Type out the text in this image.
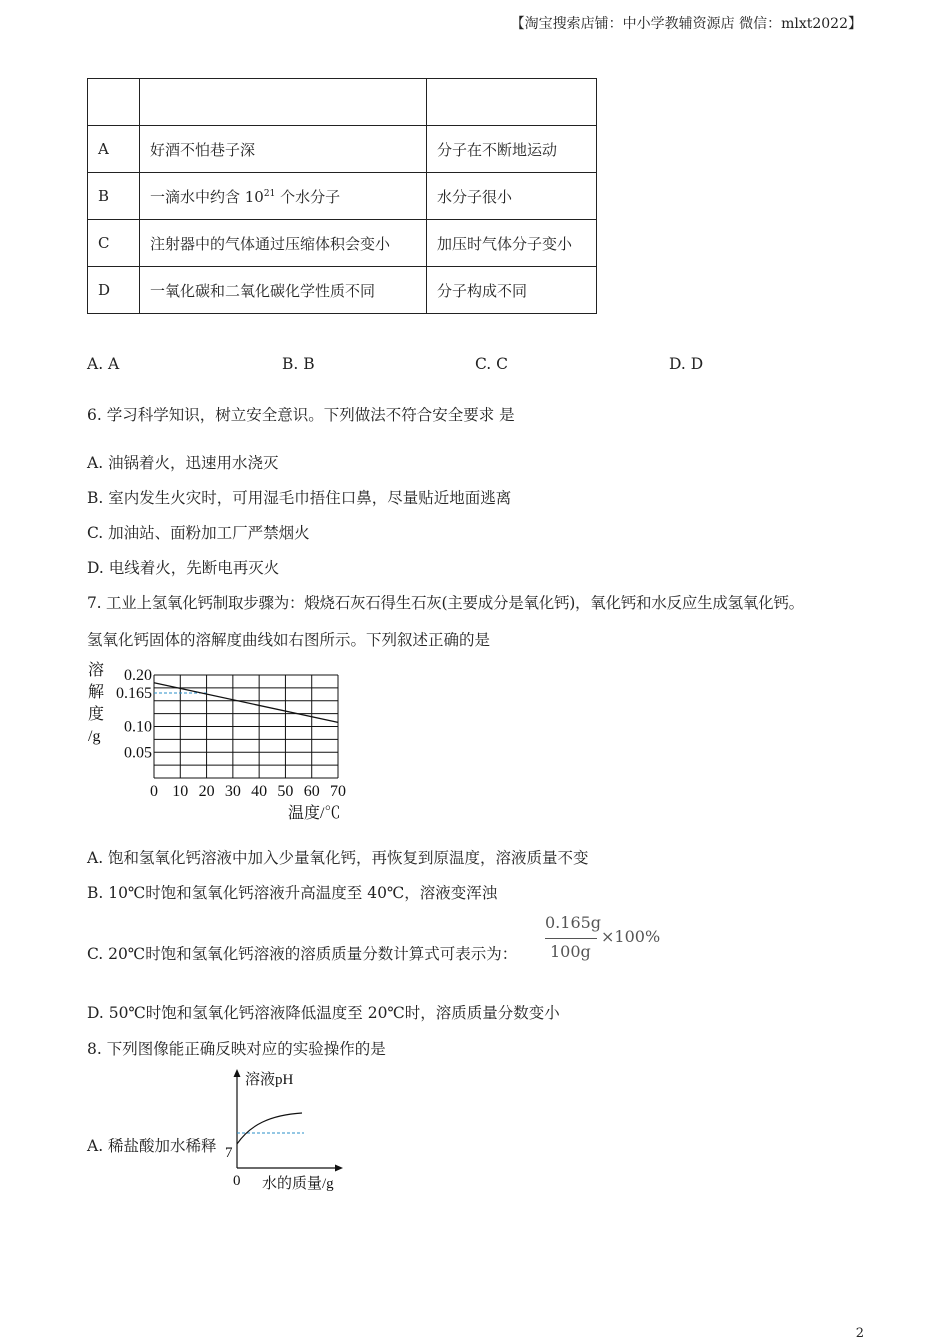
【淘宝搜索店铺：中小学教辅资源店 微信：mlxt2022】

A	好酒不怕巷子深	分子在不断地运动
B	一滴水中约含 $10^{21}$ 个水分子	水分子很小
C	注射器中的气体通过压缩体积会变小	加压时气体分子变小
D	一氧化碳和二氧化碳化学性质不同	分子构成不同
A. A	B. B	C. C	D. D
6. 学习科学知识，树立安全意识。下列做法不符合安全要求 是
A. 油锅着火，迅速用水浇灭
B. 室内发生火灾时，可用湿毛巾捂住口鼻，尽量贴近地面逃离
C. 加油站、面粉加工厂严禁烟火
D. 电线着火，先断电再灭火
7. 工业上氢氧化钙制取步骤为：煅烧石灰石得生石灰(主要成分是氧化钙)，氧化钙和水反应生成氢氧化钙。
氢氧化钙固体的溶解度曲线如右图所示。下列叙述正确的是
溶
解
度
/g
0 10 20 30 40 50 60 70
0.05
0.10
0.165
0.20
温度/℃
A. 饱和氢氧化钙溶液中加入少量氧化钙，再恢复到原温度，溶液质量不变
B. 10℃时饱和氢氧化钙溶液升高温度至 40℃，溶液变浑浊
C. 20℃时饱和氢氧化钙溶液的溶质质量分数计算式可表示为：
0.165g
100g
×100%
D. 50℃时饱和氢氧化钙溶液降低温度至 20℃时，溶质质量分数变小
8. 下列图像能正确反映对应的实验操作的是
A. 稀盐酸加水稀释
溶液pH
7
0 水的质量/g
2
